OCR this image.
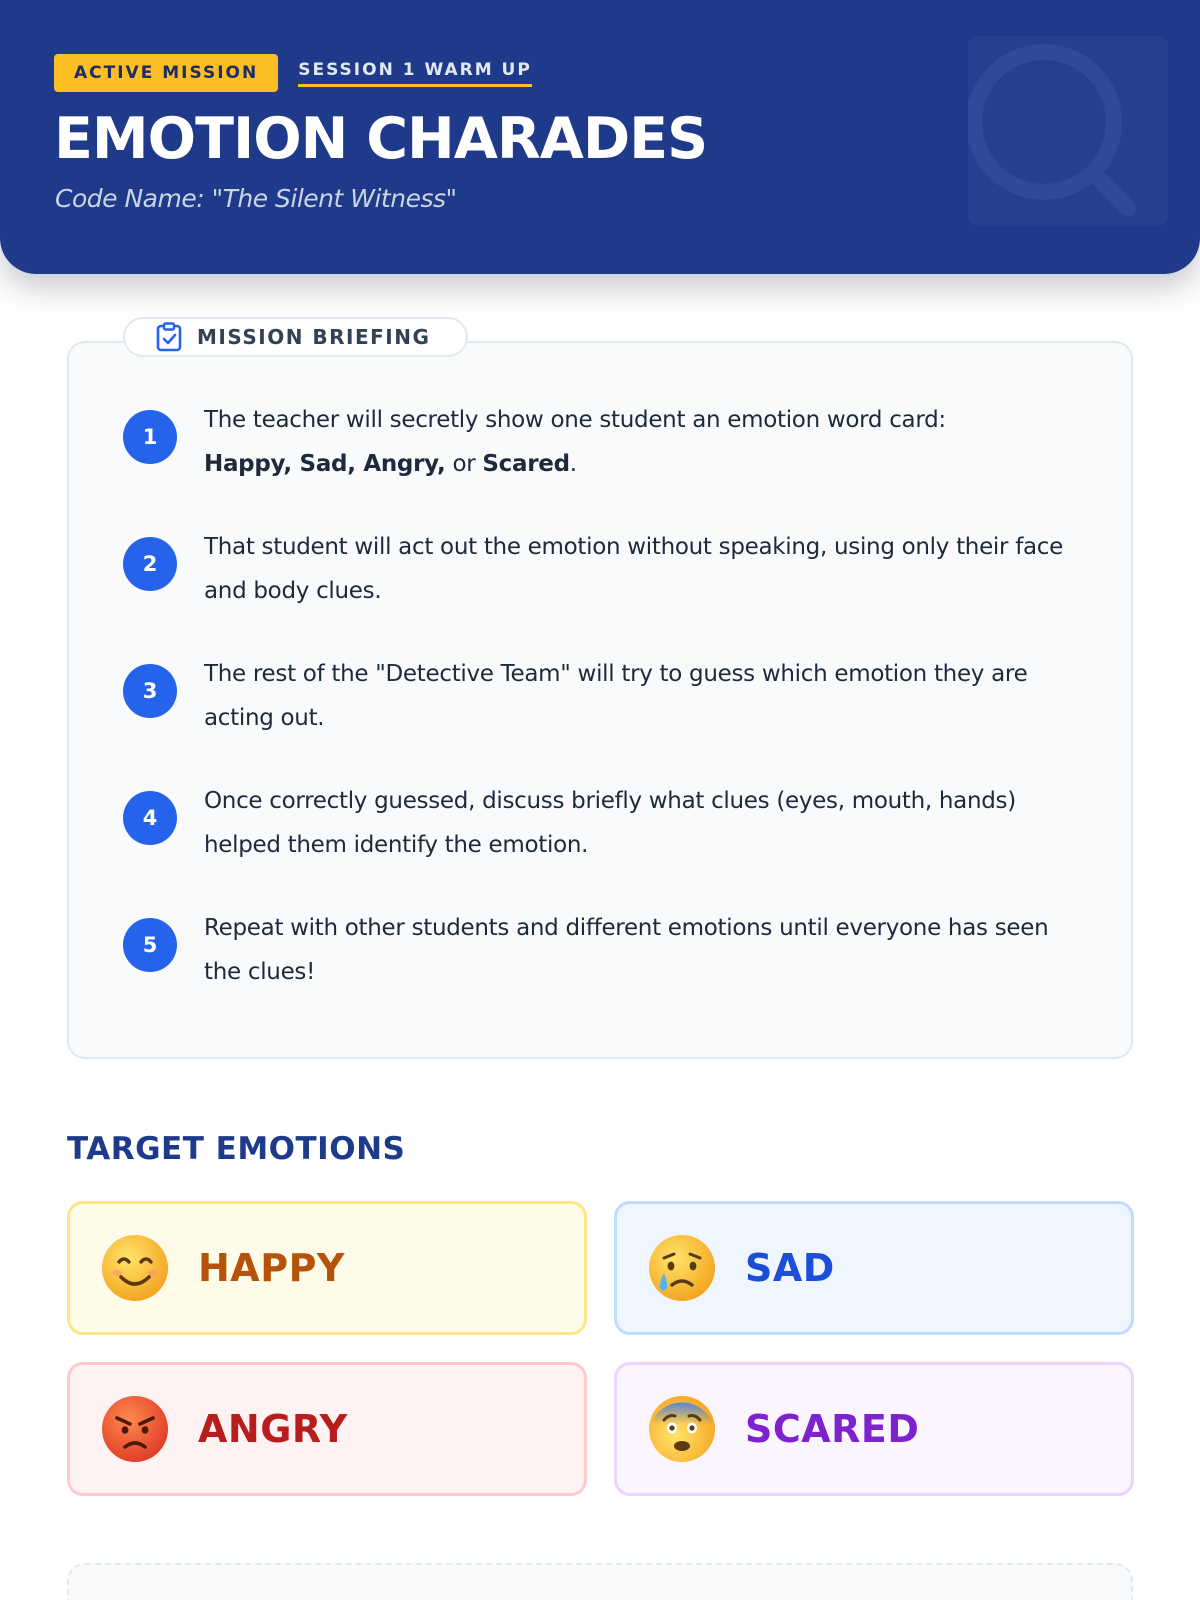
ACTIVE MISSION	SESSION 1 WARM UP
EMOTION CHARADES
Code Name: "The Silent Witness"
MISSION BRIEFING
1
The teacher will secretly show one student an emotion word card:
Happy, Sad, Angry, or Scared.
2
That student will act out the emotion without speaking, using only their face and body clues.
3
The rest of the "Detective Team" will try to guess which emotion they are acting out.
4
Once correctly guessed, discuss briefly what clues (eyes, mouth, hands) helped them identify the emotion.
5
Repeat with other students and different emotions until everyone has seen the clues!
TARGET EMOTIONS
HAPPY	SAD
ANGRY	SCARED
